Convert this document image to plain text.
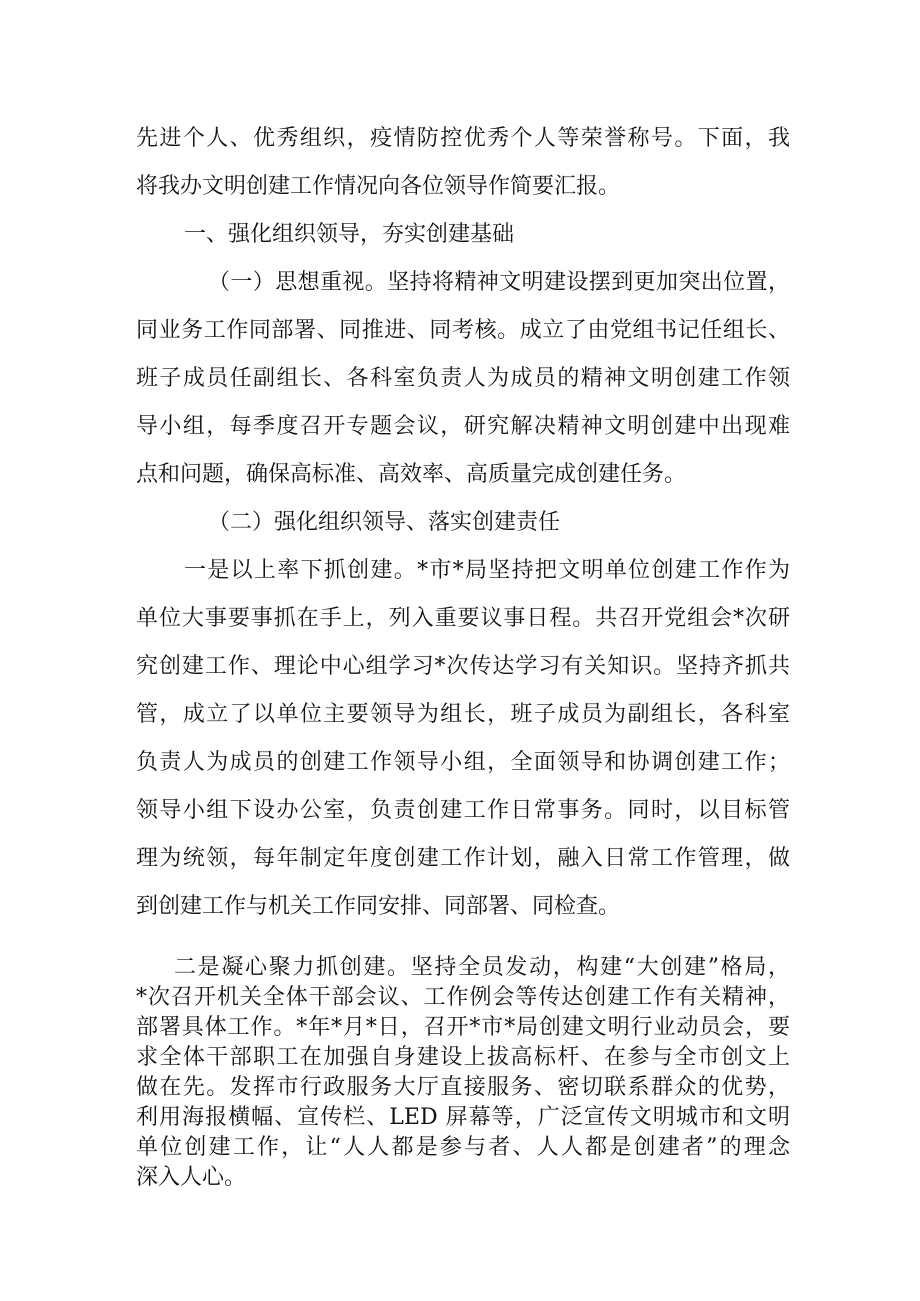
先进个人、优秀组织，疫情防控优秀个人等荣誉称号。下面，我
将我办文明创建工作情况向各位领导作简要汇报。
一、强化组织领导，夯实创建基础
（一）思想重视。坚持将精神文明建设摆到更加突出位置，
同业务工作同部署、同推进、同考核。成立了由党组书记任组长、
班子成员任副组长、各科室负责人为成员的精神文明创建工作领
导小组，每季度召开专题会议，研究解决精神文明创建中出现难
点和问题，确保高标准、高效率、高质量完成创建任务。
（二）强化组织领导、落实创建责任
一是以上率下抓创建。*市*局坚持把文明单位创建工作作为
单位大事要事抓在手上，列入重要议事日程。共召开党组会*次研
究创建工作、理论中心组学习*次传达学习有关知识。坚持齐抓共
管，成立了以单位主要领导为组长，班子成员为副组长，各科室
负责人为成员的创建工作领导小组，全面领导和协调创建工作；
领导小组下设办公室，负责创建工作日常事务。同时，以目标管
理为统领，每年制定年度创建工作计划，融入日常工作管理，做
到创建工作与机关工作同安排、同部署、同检查。
二是凝心聚力抓创建。坚持全员发动，构建“大创建”格局，
*次召开机关全体干部会议、工作例会等传达创建工作有关精神，
部署具体工作。*年*月*日，召开*市*局创建文明行业动员会，要
求全体干部职工在加强自身建设上拔高标杆、在参与全市创文上
做在先。发挥市行政服务大厅直接服务、密切联系群众的优势，
利用海报横幅、宣传栏、LED 屏幕等，广泛宣传文明城市和文明
单位创建工作，让“人人都是参与者、人人都是创建者”的理念
深入人心。
